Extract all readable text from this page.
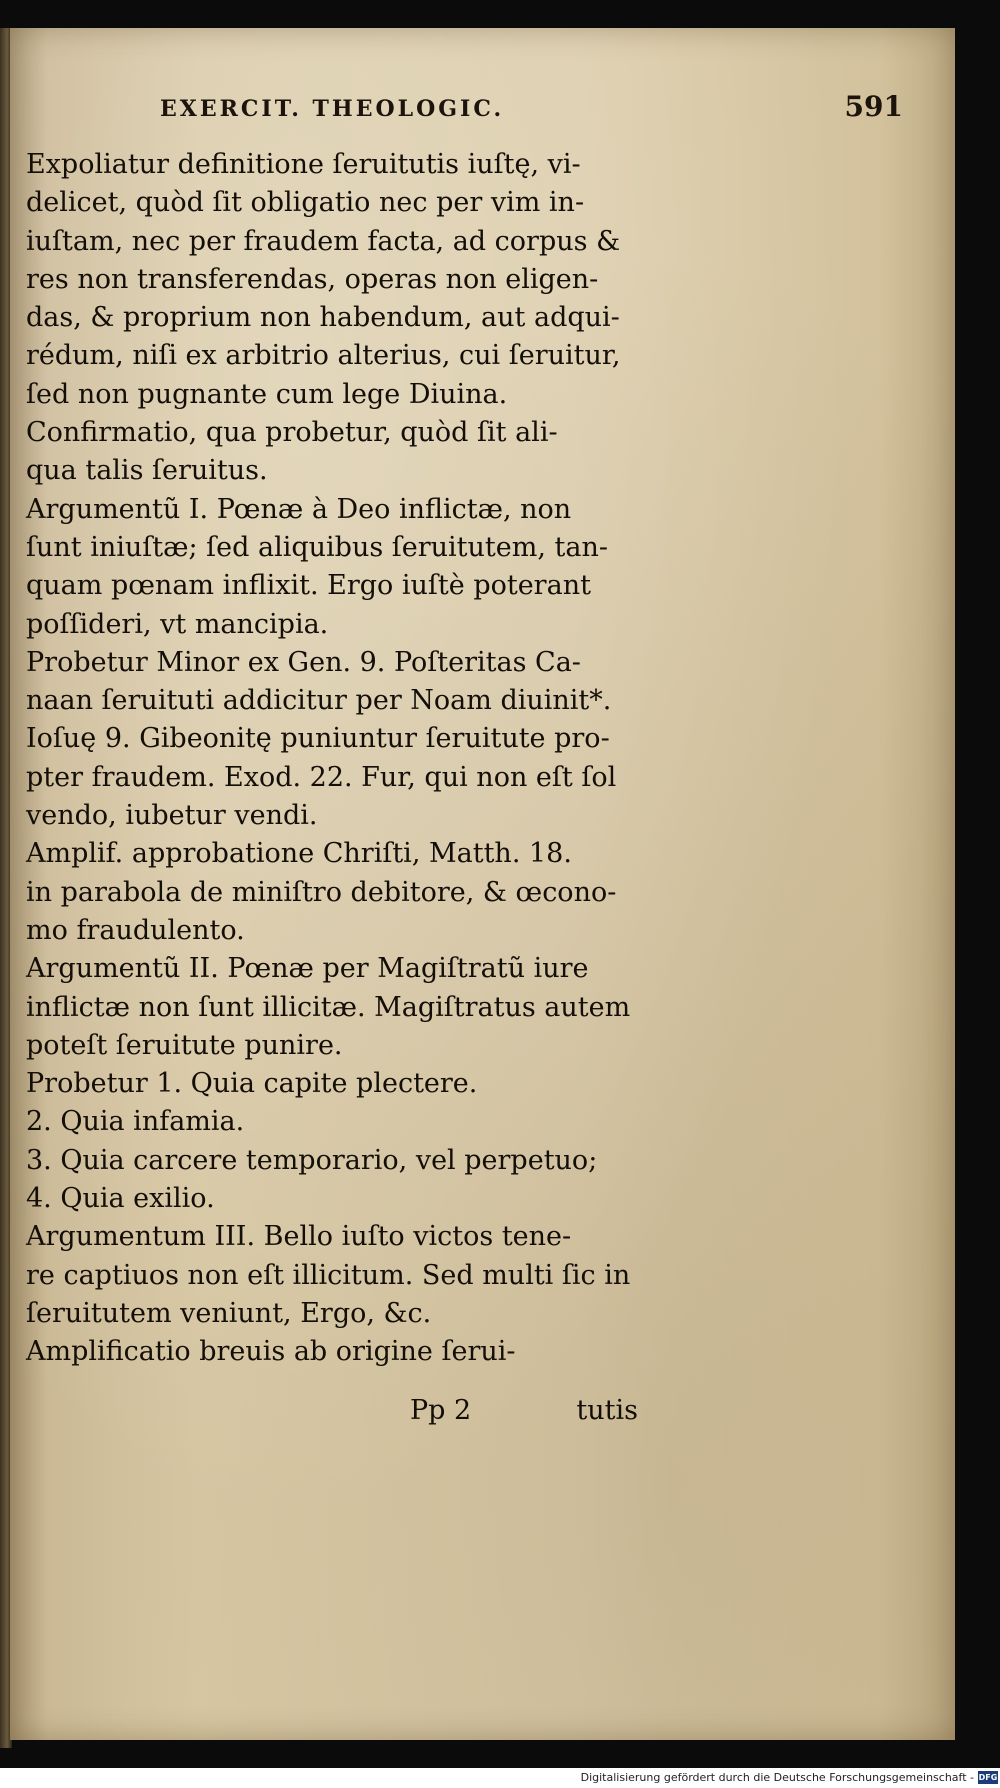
EXERCIT. THEOLOGIC.	591
Expoliatur definitione ſeruitutis iuſtę, vi-
delicet, quòd ſit obligatio nec per vim in-
iuſtam, nec per fraudem facta, ad corpus &
res non transferendas, operas non eligen-
das, & proprium non habendum, aut adqui-
rédum, niſi ex arbitrio alterius, cui ſeruitur,
ſed non pugnante cum lege Diuina.
Confirmatio, qua probetur, quòd ſit ali-
qua talis ſeruitus.
Argumentũ I. Pœnæ à Deo inflictæ, non
ſunt iniuſtæ; ſed aliquibus ſeruitutem, tan-
quam pœnam inflixit. Ergo iuſtè poterant
poſſideri, vt mancipia.
Probetur Minor ex Gen. 9. Poſteritas Ca-
naan ſeruituti addicitur per Noam diuinit*.
Ioſuę 9. Gibeonitę puniuntur ſeruitute pro-
pter fraudem. Exod. 22. Fur, qui non eſt ſol
vendo, iubetur vendi.
Amplif. approbatione Chriſti, Matth. 18.
in parabola de miniſtro debitore, & œcono-
mo fraudulento.
Argumentũ II. Pœnæ per Magiſtratũ iure
inflictæ non ſunt illicitæ. Magiſtratus autem
poteſt ſeruitute punire.
Probetur 1. Quia capite plectere.
2. Quia infamia.
3. Quia carcere temporario, vel perpetuo;
4. Quia exilio.
Argumentum III. Bello iuſto victos tene-
re captiuos non eſt illicitum. Sed multi ſic in
ſeruitutem veniunt, Ergo, &c.
Amplificatio breuis ab origine ſerui-
Pp 2	tutis
Digitalisierung gefördert durch die Deutsche Forschungsgemeinschaft - DFG
